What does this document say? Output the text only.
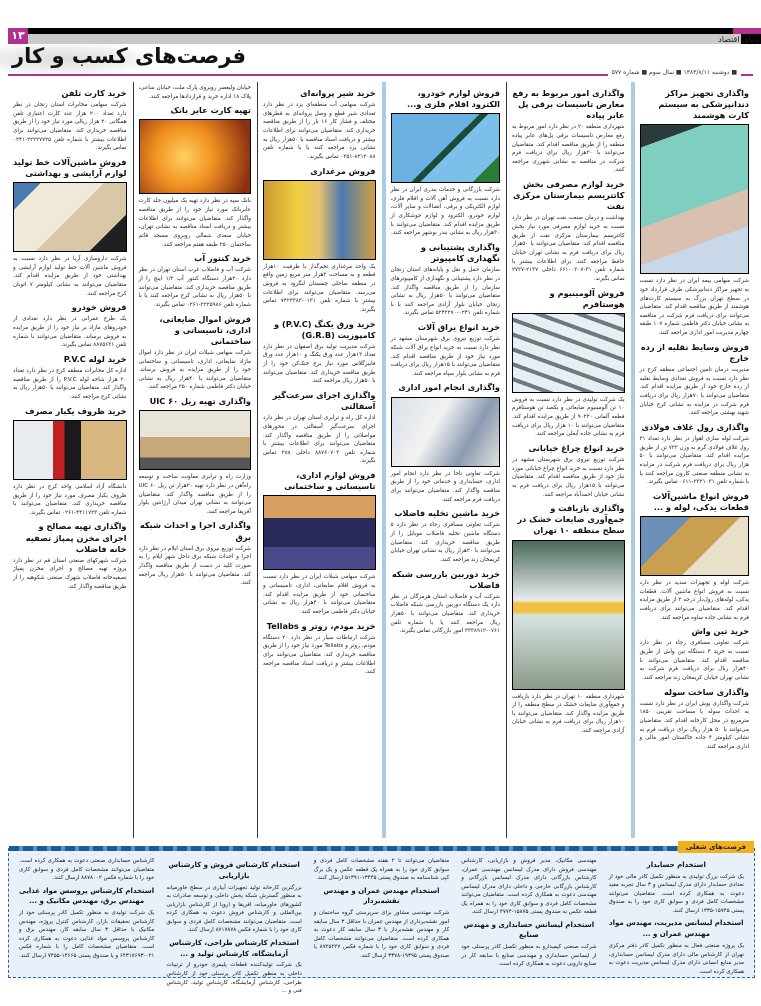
۱۳	دنیای اقتصاد
فرصت‌های کسب و کار
■ دوشنبه ۱۳۸۳/۸/۱۱ ■ سال سوم ■ شماره ۵۷۷
واگذاری تجهیز مراکز دندانپزشکی به سیستم کارت هوشمند
شرکت سهامی بیمه ایران در نظر دارد نسبت به تجهیز مراکز دندانپزشکی طرف قرارداد خود در سطح تهران بزرگ به سیستم کارت‌های هوشمند از طریق مناقصه اقدام کند. متقاضیان می‌توانند برای دریافت فرم شرکت در مناقصه به نشانی خیابان دکتر فاطمی شماره ۱۰۷ طبقه چهارم مدیریت امور اداری مراجعه کنند.
فروش وسایط نقلیه از رده خارج
مدیریت درمان تامین اجتماعی منطقه کرج در نظر دارد نسبت به فروش تعدادی وسایط نقلیه از رده خارج خود از طریق مزایده اقدام کند. متقاضیان می‌توانند با ۷۰هزار ریال برای دریافت فرم شرکت در مزایده به نشانی کرج خیابان شهید بهشتی مراجعه کنند.
واگذاری رول غلاف فولادی
شرکت لوله سازی اهواز در نظر دارد تعداد ۳۱ رول غلاف فولادی گرم به وزن ۷۳۳ تن از طریق مزایده اقدام کند. متقاضیان می‌توانند با ۵۰ هزار ریال برای دریافت فرم شرکت در مزایده به نشانی منطقه صنعتی کارون مراجعه کنند یا با شماره تلفن ۳۳۲۱۰۳۱-۰۶۱۱ تماس بگیرند.
فروش انواع ماشین‌آلات قطعات یدکی، لوله و ...
شرکت لوله و تجهیزات سدید در نظر دارد نسبت به فروش انواع ماشین آلات، قطعات یدکی، لوله‌های رول‌دار درجه ۲ از طریق مزایده اقدام کند. متقاضیان می‌توانند برای دریافت فرم به نشانی جاده ساوه مراجعه کنند.
خرید تین واش
شرکت تعاونی مسافری رجاء در نظر دارد نسبت به خرید ۴ دستگاه تین واش از طریق مناقصه اقدام کند. متقاضیان می‌توانند با ۴۰هزار ریال برای دریافت فرم شرکت به نشانی تهران خیابان کریمخان زند مراجعه کنند.
واگذاری ساخت سوله
شرکت واگذاری پوش ایران در نظر دارد نسبت به احداث سوله با مساحت تقریبی ۱۸۵۰ مترمربع در محل کارخانه اقدام کند. متقاضیان می‌توانند با ۵۰ هزار ریال برای دریافت فرم به نشانی کیلومتر ۳ جاده خاکستان امور مالی و اداری مراجعه کنند.
واگذاری امور مربوط به رفع معارض تاسیسات برقی پل عابر پیاده
شهرداری منطقه ۲۰ در نظر دارد امور مربوط به رفع معارض تاسیسات برقی پل‌های عابر پیاده منطقه را از طریق مناقصه اقدام کند. متقاضیان می‌توانند با ۳۰هزار ریال برای دریافت فرم شرکت در مناقصه به نشانی شهرری مراجعه کنند.
خرید لوازم مصرفی بخش کاتتریسم بیمارستان مرکزی نفت
بهداشت و درمان صنعت نفت تهران در نظر دارد نسبت به خرید لوازم مصرفی مورد نیاز بخش کاتتریسم بیمارستان مرکزی نفت از طریق مناقصه اقدام کند. متقاضیان می‌توانند با ۵۰هزار ریال برای دریافت فرم به نشانی تهران خیابان حافظ مراجعه کنند. برای اطلاعات بیشتر با شماره تلفن ۳۱-۶۶۱۰۰۳۰۷ داخلی ۲۱۳۷-۲۷۳۷ تماس بگیرند.
فروش آلومینیوم و هوستافرم
یک شرکت تولیدی در نظر دارد نسبت به فروش ۱۰ تن آلومینیوم ضایعاتی و یکصد تن هوستافرم قطعه آلمانی ۹۰۲۲۰ از طریق مزایده اقدام کند. متقاضیان می‌توانند با ۱۰ هزار ریال برای دریافت فرم به نشانی جاده آبعلی مراجعه کنند.
خرید انواع چراغ خیابانی
شرکت توزیع نیروی برق شهرستان مشهد در نظر دارد نسبت به خرید انواع چراغ خیابانی مورد نیاز خود از طریق مناقصه اقدام کند. متقاضیان می‌توانند با ۱۵هزار ریال برای دریافت فرم به نشانی خیابان احمدآباد مراجعه کنند.
واگذاری بازیافت و جمع‌آوری ضایعات خشک در سطح منطقه ۱۰ تهران
شهرداری منطقه ۱۰ تهران در نظر دارد بازیافت و جمع‌آوری ضایعات خشک در سطح منطقه را از طریق مزایده واگذار کند. متقاضیان می‌توانند با ۱۰هزار ریال برای دریافت فرم به نشانی خیابان آزادی مراجعه کنند.
فروش لوازم خودرو، الکترود اقلام فلزی و...
شرکت بازرگانی و خدمات بندری ایران در نظر دارد نسبت به فروش آهن آلات و اقلام فلزی، لوازم الکتریکی و برقی، اتصالات و سایر آلات، لوازم خودرو، الکترود و لوازم جوشکاری از طریق مزایده اقدام کند. متقاضیان می‌توانند با ۳۰هزار ریال به نشانی بندر بوشهر مراجعه کنند.
واگذاری پشتیبانی و نگهداری کامپیوتر
سازمان حمل و نقل و پایانه‌های استان زنجان در نظر دارد پشتیبانی و نگهداری از کامپیوترهای سازمان را از طریق مناقصه واگذار کند. متقاضیان می‌توانند با ۵۰هزار ریال به نشانی زنجان خیابان بلوار آزادی مراجعه کنند یا با شماره تلفن ۰۲۴۱-۵۲۴۲۲۷۰ تماس بگیرند.
خرید انواع یراق آلات
شرکت توزیع نیروی برق شهرستان مشهد در نظر دارد نسبت به خرید انواع یراق آلات شبکه مورد نیاز خود از طریق مناقصه اقدام کند. متقاضیان می‌توانند با ۱۵هزار ریال برای دریافت فرم به نشانی بلوار سپاه مراجعه کنند.
واگذاری انجام امور اداری
شرکت تعاونی ناجا در نظر دارد انجام امور اداری، حسابداری و خدماتی خود را از طریق مناقصه واگذار کند. متقاضیان می‌توانند برای دریافت فرم مراجعه کنند.
خرید ماشین تخلیه فاضلاب
شرکت تعاونی مسافری رجاء در نظر دارد ۵ دستگاه ماشین تخلیه فاضلاب موبایل را از طریق مناقصه خریداری کند. متقاضیان می‌توانند با ۲۰هزار ریال به نشانی تهران خیابان کریمخان زند مراجعه کنند.
خرید دوربین بازرسی شبکه فاضلاب
شرکت آب و فاضلاب استان هرمزگان در نظر دارد یک دستگاه دوربین بازرسی شبکه فاضلاب خریداری کند. متقاضیان می‌توانند با ۵۰هزار ریال مراجعه کنند یا با شماره تلفن ۰۷۶۱-۳۳۳۸۹۱۲ امور بازرگانی تماس بگیرند.
خرید شیر پروانه‌ای
شرکت سهامی آب منطقه‌ای یزد در نظر دارد تعدادی شیر قطع و وصل پروانه‌ای به قطرهای مختلف و فشار کار ۱۶ بار را از طریق مناقصه خریداری کند. متقاضیان می‌توانند برای اطلاعات بیشتر و دریافت اسناد مناقصه با ۵۰هزار ریال به نشانی یزد مراجعه کنند یا با شماره تلفن ۸۲۱۲۰۸۸-۰۳۵۱ تماس بگیرند.
فروش مرغداری
یک واحد مرغداری تخم‌گذار با ظرفیت ۱۰هزار قطعه و به مساحت ۳هزار متر مربع زمین واقع در منطقه ساحلی چمستان لنگرود به فروش می‌رسد. متقاضیان می‌توانند برای اطلاعات بیشتر با شماره تلفن ۰۱۳۱-۷۴۲۳۳۸۳ تماس بگیرند.
خرید ورق یکنگ (P.V.C) و کامپوزیت (G.R.B)
شرکت مدیریت تولید برق اصفهان در نظر دارد تعداد ۱۳هزار عدد ورق یکنگ و ۱۰هزار عدد ورق فایبرگلاس مورد نیاز برج خنک‌کن خود را از طریق مناقصه خریداری کند. متقاضیان می‌توانند با ۵۰هزار ریال مراجعه کنند.
واگذاری اجرای سرعت‌گیر آسفالتی
اداره کل راه و ترابری استان تهران در نظر دارد اجرای سرعت‌گیر آسفالتی در محورهای مواصلاتی را از طریق مناقصه واگذار کند. متقاضیان می‌توانند برای اطلاعات بیشتر با شماره تلفن ۸۸۷۶۰۷۰۳ داخلی ۲۸۸ تماس بگیرند.
فروش لوازم اداری، تاسیساتی و ساختمانی
شرکت سهامی شیلات ایران در نظر دارد نسبت به فروش اقلام ضایعاتی، اداری، تاسیساتی و ساختمانی خود از طریق مزایده اقدام کند. متقاضیان می‌توانند با ۴۰هزار ریال به نشانی خیابان دکتر فاطمی مراجعه کنند.
خرید مودم، روتر و Tellabs
شرکت ارتباطات سیار در نظر دارد ۲۰ دستگاه مودم، روتر و Tellabs مورد نیاز خود را از طریق مناقصه خریداری کند. متقاضیان می‌توانند برای اطلاعات بیشتر و دریافت اسناد مناقصه مراجعه کنند.
خیابان ولیعصر روبروی پارک ملت، خیابان ساعی، پلاک ۱۸ اداره خرید و قراردادها مراجعه کنند.
تهیه کارت عابر بانک
بانک سپه در نظر دارد تهیه یک میلیون جلد کارت عابربانک مورد نیاز خود را از طریق مناقصه واگذار کند. متقاضیان می‌توانند برای اطلاعات بیشتر و دریافت اسناد مناقصه به نشانی تهران، خیابان سعدی شمالی روبروی مسجد قائم ساختمان ۲۵۰ طبقه هفتم مراجعه کنند.
خرید کنتور آب
شرکت آب و فاضلاب غرب استان تهران در نظر دارد ۲۰هزار دستگاه کنتور آب ۱/۲ اینچ را از طریق مناقصه خریداری کند. متقاضیان می‌توانند با ۵۰هزار ریال به نشانی کرج مراجعه کنند یا با شماره تلفن ۲۲۲۵۹۸۶-۰۲۶۱ تماس بگیرند.
فروش اموال ضایعاتی، اداری، تاسیساتی و ساختمانی
شرکت سهامی شیلات ایران در نظر دارد اموال مازاد ضایعاتی، اداری، تاسیساتی و ساختمانی خود را از طریق مزایده به فروش برساند. متقاضیان می‌توانند با ۴۰هزار ریال به نشانی خیابان دکتر فاطمی شماره ۲۵۰ مراجعه کنند.
واگذاری تهیه ریل ۶۰ UIC
وزارت راه و ترابری معاونت ساخت و توسعه راه‌آهن در نظر دارد تهیه ۲۰هزار تن ریل ۶۰ UIC را از طریق مناقصه واگذار کند. متقاضیان می‌توانند به نشانی تهران میدان آرژانتین بلوار آفریقا مراجعه کنند.
واگذاری اجرا و احداث شبکه برق
شرکت توزیع نیروی برق استان ایلام در نظر دارد اجرا و احداث شبکه برق داخل شهر ایلام را به صورت کلید در دست از طریق مناقصه واگذار کند. متقاضیان می‌توانند با ۵۰هزار ریال مراجعه کنند.
خرید کارت تلفن
شرکت سهامی مخابرات استان زنجان در نظر دارد تعداد ۲۰۰ هزار عدد کارت اعتباری تلفن همگانی ۲۰ هزار ریالی مورد نیاز خود را از طریق مناقصه خریداری کند. متقاضیان می‌توانند برای اطلاعات بیشتر با شماره تلفن ۲۲۲۲۷۷۲۵-۰۲۴۱ تماس بگیرند.
فروش ماشین‌آلات خط تولید لوازم آرایشی و بهداشتی
شرکت داروسازی آریا در نظر دارد نسبت به فروش ماشین آلات خط تولید لوازم آرایشی و بهداشتی خود از طریق مزایده اقدام کند. متقاضیان می‌توانند به نشانی کیلومتر ۷ اتوبان کرج مراجعه کنند.
فروش خودرو
یک طرح عمرانی در نظر دارد تعدادی از خودروهای مازاد بر نیاز خود را از طریق مزایده به فروش برساند. متقاضیان می‌توانند با شماره تلفن ۸۸۷۵۶۳۱ تماس بگیرند.
خرید لوله P.V.C
اداره کل مخابرات منطقه کرج در نظر دارد تعداد ۲۰ هزار شاخه لوله P.V.C را از طریق مناقصه واگذار کند. متقاضیان می‌توانند با ۵۰هزار ریال به نشانی کرج مراجعه کنند.
خرید ظروف یکبار مصرف
دانشگاه آزاد اسلامی واحد کرج در نظر دارد ظروف یکبار مصرف مورد نیاز خود را از طریق مناقصه خریداری کند. متقاضیان می‌توانند با شماره تلفن ۴۴۱۱۷۲۳-۰۲۶۱ تماس بگیرند.
واگذاری تهیه مصالح و اجرای مخزن پمپاژ تصفیه خانه فاضلاب
شرکت شهرکهای صنعتی استان قم در نظر دارد پروژه تهیه مصالح و اجرای مخزن پمپاژ تصفیه‌خانه فاضلاب شهرک صنعتی شکوهیه را از طریق مناقصه واگذار کند.
فرصت‌های شغلی
استخدام حسابدار
یک شرکت بزرگ تولیدی به منظور تکمیل کادر مالی خود از تعدادی حسابدار دارای مدرک لیسانس و ۳ سال تجربه مفید دعوت به همکاری کرده است. متقاضیان می‌توانند مشخصات کامل فردی و سوابق کاری خود را به صندوق پستی ۱۵۷۴۵-۱۳۳۵ ارسال کنند.
استخدام لیسانس مدیریت، مهندس مواد مهندس عمران و ...
یک پروژه صنعتی فعال به منظور تکمیل کادر دفتر مرکزی تهران از کارشناس مالی دارای مدرک لیسانس حسابداری، مدیر منابع انسانی دارای مدرک لیسانس مدیریت دعوت به همکاری کرده است.
مهندسی مکانیک، مدیر فروش و بازاریابی، کارشناس مهندسی فروش دارای مدرک لیسانس مهندسی عمران، کارشناس بازرگانی دارای مدرک لیسانس بازرگانی و کارشناس بازرگانی خارجی و داخلی دارای مدرک لیسانس مهندسی دعوت به همکاری کرده است. متقاضیان می‌توانند مشخصات کامل فردی و سوابق کاری خود را به همراه یک قطعه عکس به صندوق پستی ۱۵۸۷۵-۴۷۷۴ ارسال کنند.
استخدام لیسانس حسابداری و مهندس صنایع
شرکت صنعتی کیمیدارو به منظور تکمیل کادر پرسنلی خود از لیسانس حسابداری و مهندسی صنایع با سابقه کار در صنایع دارویی دعوت به همکاری کرده است.
متقاضیان می‌توانند تا ۲ هفته مشخصات کامل فردی و سوابق کاری خود را به همراه یک قطعه عکس و یک برگ کپی شناسنامه به صندوق پستی ۱۳۴۴۵-۵۱۳۹۱ ارسال کنند.
استخدام مهندس عمران و مهندس نقشه‌بردار
شرکت مهندسی مشاور برای سرپرستی گروه ساختمان و امور نقشه‌برداری از مهندس عمران با حداقل ۳ سال سابقه کار و مهندس نقشه‌بردار با ۳ سال سابقه کار دعوت به همکاری کرده است. متقاضیان می‌توانند مشخصات کامل فردی و سوابق کاری خود را با شماره فکس ۸۷۲۵۲۲۷ یا صندوق پستی ۱۹۳۹۵-۳۳۷۸ ارسال کنند.
استخدام کارشناس فروش و کارشناس بازاریابی
بزرگترین کارخانه تولید تجهیزات آبیاری در سطح خاورمیانه به منظور گسترش شبکه پخش داخلی و توسعه صادرات به کشورهای خاورمیانه، افریقا و اروپا از کارشناس بازاریابی بین‌المللی و کارشناس فروش دعوت به همکاری کرده است. متقاضیان می‌توانند مشخصات کامل فردی و سوابق کاری خود را با شماره فکس ۸۷۱۷۸۷۸ ارسال کنند.
استخدام کارشناس طراحی، کارشناس آزمایشگاه، کارشناس تولید و ...
یک شرکت تولیدکننده قطعات پلیمری خودرو از ترتیبات داخلی به منظور تکمیل کادر پرسنلی خود از کارشناس طراحی، کارشناس آزمایشگاه، کارشناس تولید، کارشناس فنی و ...
کارشناس حسابداری صنعتی دعوت به همکاری کرده است. متقاضیان می‌توانند مشخصات کامل فردی و سوابق کاری خود را با شماره فکس ۸۸۷۸۰۰۲ ارسال کنند.
استخدام کارشناس پروسس مواد غذایی مهندس برق، مهندس مکانیک و ...
یک شرکت تولیدی به منظور تکمیل کادر پرسنلی خود از کارشناس تحقیقات بازار، کارشناس کنترل پروژه، مهندس مکانیک با حداقل ۳ سال سابقه کار، مهندس برق و کارشناس پروسس مواد غذایی دعوت به همکاری کرده است. متقاضیان مشخصات کامل را با شماره فکس ۰۲۱-۶۴۳۱۷۶۹۳ و یا صندوق پستی ۱۴۶۶۵-۷۴۵۵ ارسال کنند.
